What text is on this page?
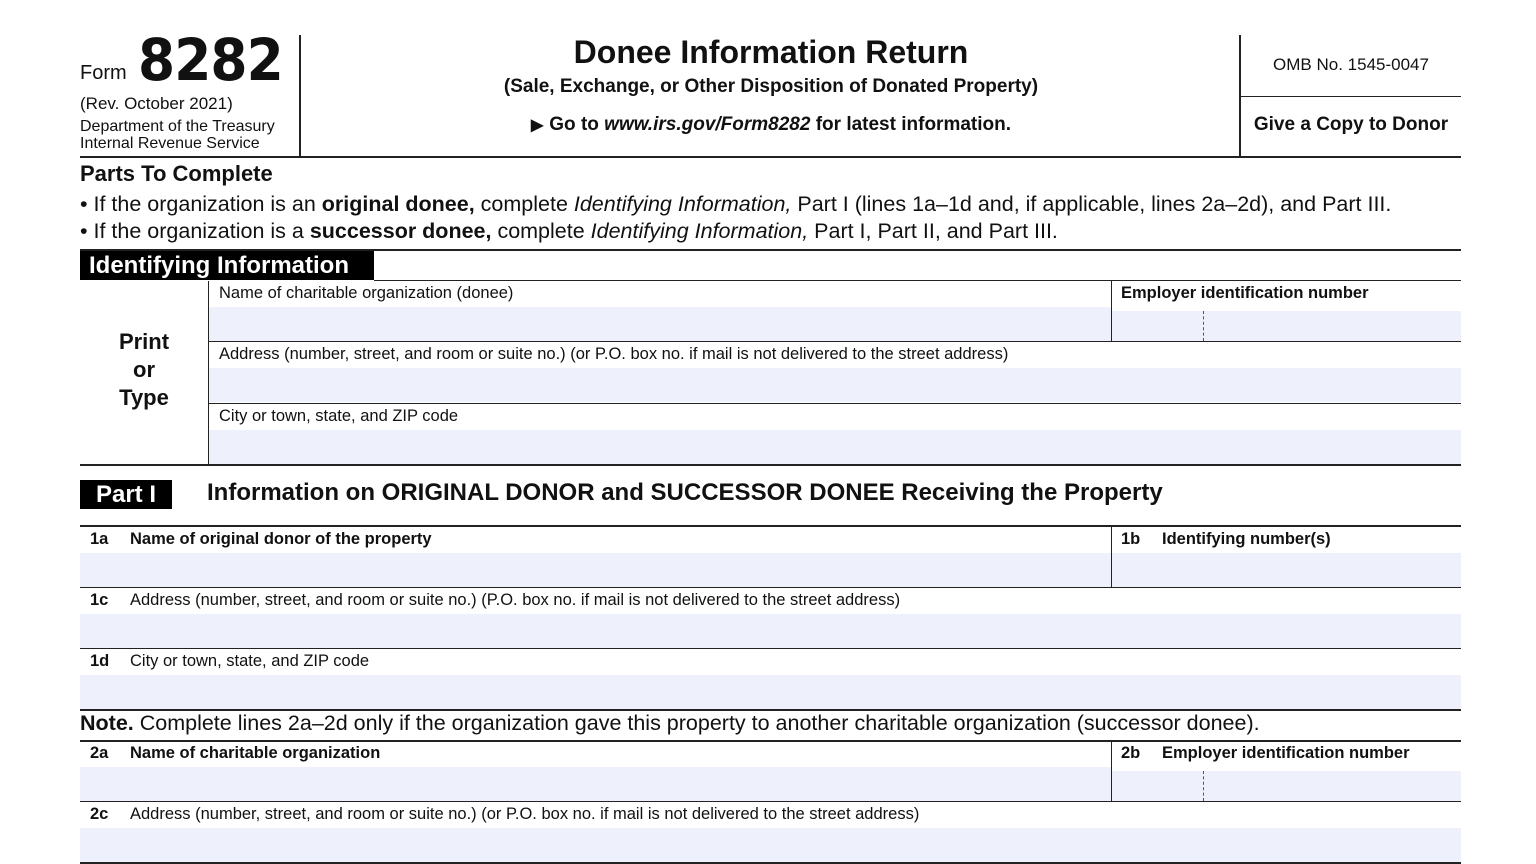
Form 8282
(Rev. October 2021)
Department of the Treasury
Internal Revenue Service
Donee Information Return
(Sale, Exchange, or Other Disposition of Donated Property)
▶ Go to www.irs.gov/Form8282 for latest information.
OMB No. 1545-0047
Give a Copy to Donor
Parts To Complete
• If the organization is an original donee, complete Identifying Information, Part I (lines 1a–1d and, if applicable, lines 2a–2d), and Part III.
• If the organization is a successor donee, complete Identifying Information, Part I, Part II, and Part III.
Identifying Information
Print
or
Type
Name of charitable organization (donee)	Employer identification number
Address (number, street, and room or suite no.) (or P.O. box no. if mail is not delivered to the street address)
City or town, state, and ZIP code
Part I	Information on ORIGINAL DONOR and SUCCESSOR DONEE Receiving the Property
1a Name of original donor of the property	1b Identifying number(s)
1c Address (number, street, and room or suite no.) (P.O. box no. if mail is not delivered to the street address)
1d City or town, state, and ZIP code
Note. Complete lines 2a–2d only if the organization gave this property to another charitable organization (successor donee).
2a Name of charitable organization	2b Employer identification number
2c Address (number, street, and room or suite no.) (or P.O. box no. if mail is not delivered to the street address)
